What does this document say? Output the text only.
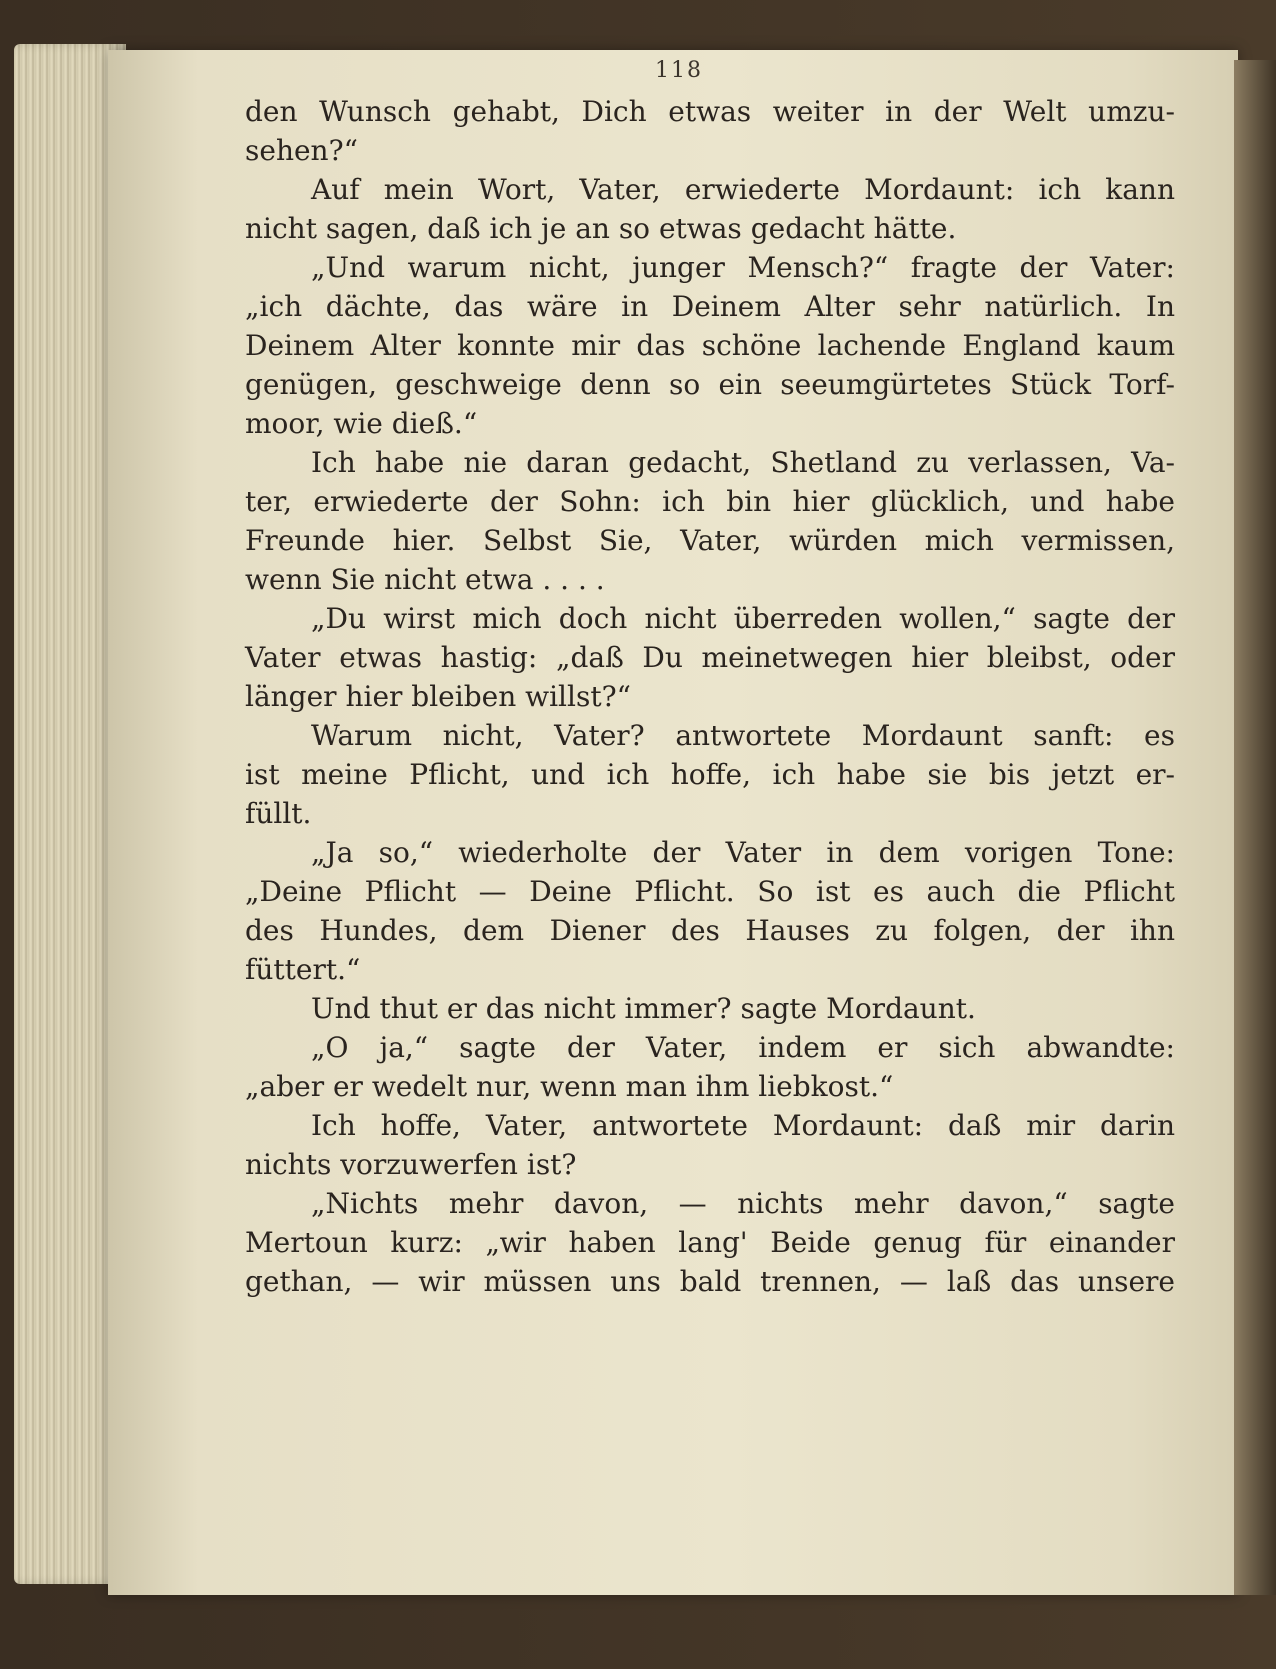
118
den Wunsch gehabt, Dich etwas weiter in der Welt umzu-
sehen?“
Auf mein Wort, Vater, erwiederte Mordaunt: ich kann
nicht sagen, daß ich je an so etwas gedacht hätte.
„Und warum nicht, junger Mensch?“ fragte der Vater:
„ich dächte, das wäre in Deinem Alter sehr natürlich. In
Deinem Alter konnte mir das schöne lachende England kaum
genügen, geschweige denn so ein seeumgürtetes Stück Torf-
moor, wie dieß.“
Ich habe nie daran gedacht, Shetland zu verlassen, Va-
ter, erwiederte der Sohn: ich bin hier glücklich, und habe
Freunde hier. Selbst Sie, Vater, würden mich vermissen,
wenn Sie nicht etwa . . . .
„Du wirst mich doch nicht überreden wollen,“ sagte der
Vater etwas hastig: „daß Du meinetwegen hier bleibst, oder
länger hier bleiben willst?“
Warum nicht, Vater? antwortete Mordaunt sanft: es
ist meine Pflicht, und ich hoffe, ich habe sie bis jetzt er-
füllt.
„Ja so,“ wiederholte der Vater in dem vorigen Tone:
„Deine Pflicht — Deine Pflicht. So ist es auch die Pflicht
des Hundes, dem Diener des Hauses zu folgen, der ihn
füttert.“
Und thut er das nicht immer? sagte Mordaunt.
„O ja,“ sagte der Vater, indem er sich abwandte:
„aber er wedelt nur, wenn man ihm liebkost.“
Ich hoffe, Vater, antwortete Mordaunt: daß mir darin
nichts vorzuwerfen ist?
„Nichts mehr davon, — nichts mehr davon,“ sagte
Mertoun kurz: „wir haben lang' Beide genug für einander
gethan, — wir müssen uns bald trennen, — laß das unsere
